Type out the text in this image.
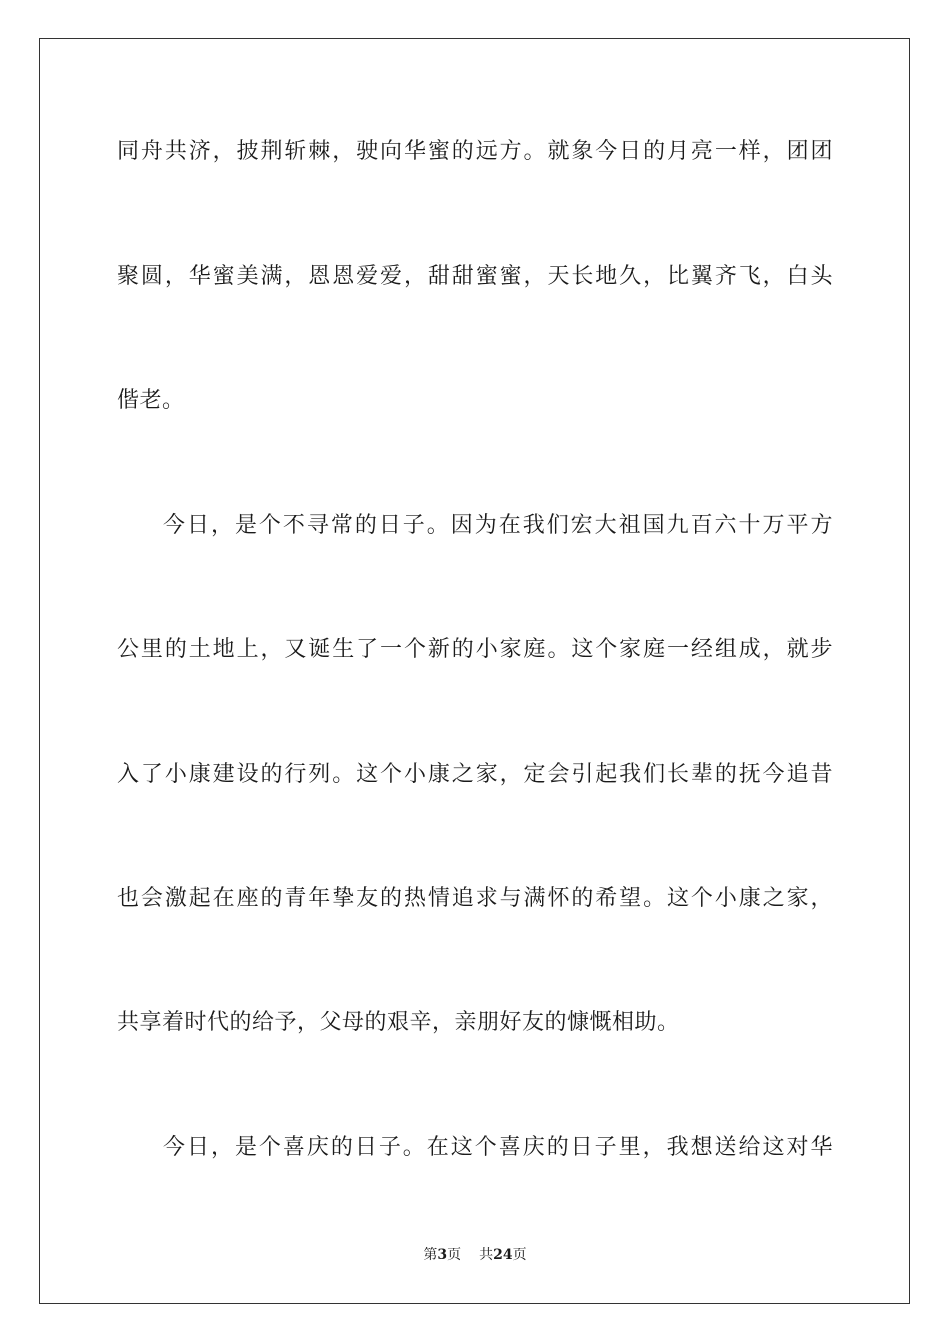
同舟共济，披荆斩棘，驶向华蜜的远方。就象今日的月亮一样，团团
聚圆，华蜜美满，恩恩爱爱，甜甜蜜蜜，天长地久，比翼齐飞，白头
偕老。
今日，是个不寻常的日子。因为在我们宏大祖国九百六十万平方
公里的土地上，又诞生了一个新的小家庭。这个家庭一经组成，就步
入了小康建设的行列。这个小康之家，定会引起我们长辈的抚今追昔
也会激起在座的青年挚友的热情追求与满怀的希望。这个小康之家，
共享着时代的给予，父母的艰辛，亲朋好友的慷慨相助。
今日，是个喜庆的日子。在这个喜庆的日子里，我想送给这对华
第3页 共24页
